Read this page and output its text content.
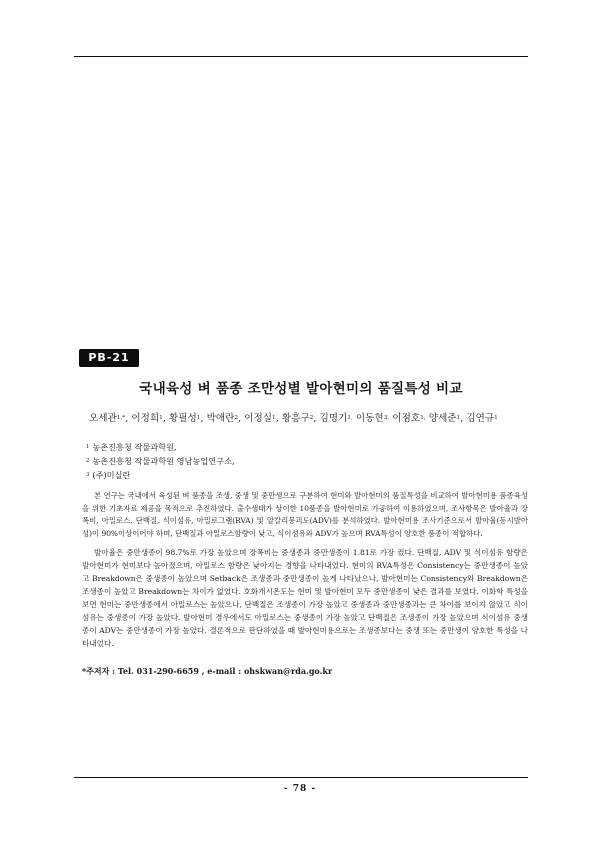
PB-21
국내육성 벼 품종 조만성별 발아현미의 품질특성 비교
오세관$^{1,*}$, 이정희$^1$, 황필성$^1$, 박애란$^2$, 이정실$^1$, 황흥구$^2$, 김명기$^{1,}$ 이동현$^{3,}$ 이점호$^{1,}$ 양세준$^1$, 김연규$^1$
$^1$ 농촌진흥청 작물과학원,
$^2$ 농촌진흥청 작물과학원 영남농업연구소,
$^3$ (주)미실란

본 연구는 국내에서 육성된 벼 품종을 조생, 중생 및 중만생으로 구분하여 현미와 발아현미의 품질특성을 비교하여 발아현미용 품종육성을 위한 기초자료 제공을 목적으로 추진하였다. 출수생태가 상이한 10품종을 발아현미로 가공하여 이용하였으며, 조사항목은 발아율과 장폭비, 아밀로스, 단백질, 식이섬유, 아밀로그램(RVA) 및 알칼리붕괴도(ADV)를 분석하였다. 발아현미용 조사기준으로서 발아율(동시발아성)이 90%이상이어야 하며, 단백질과 아밀로스함량이 낮고, 식이섬유와 ADV가 높으며 RVA특성이 양호한 품종이 적합하다.

발아율은 중만생종이 98.7%로 가장 높았으며 장폭비는 중생종과 중만생종이 1.81로 가장 컸다. 단백질, ADV 및 식이섬유 함량은 발아현미가 현미보다 높아졌으며, 아밀로스 함량은 낮아지는 경향을 나타내었다. 현미의 RVA특성은 Consistency는 중만생종이 높았고 Breakdown은 중생종이 높았으며 Setback은 조생종과 중만생종이 높게 나타났으나, 발아현미는 Consistency와 Breakdown은 조생종이 높았고 Breakdown는 차이가 없었다. 호화개시온도는 현미 및 발아현미 모두 중만생종이 낮은 결과를 보였다. 이화학 특성을 보면 현미는 중만생종에서 아밀로스는 높았으나, 단백질은 조생종이 가장 높았고 중생종과 중만생종과는 큰 차이를 보이지 않았고 식이섬유는 중생종이 가장 높았다. 발아현미 경우에서도 아밀로스는 중생종이 가장 높았고 단백질은 조생종이 가장 높았으며 식이섬유 중생종이 ADV는 중만생종이 가장 높았다. 결론적으로 판단하였을 때 발아현미용으로는 조생종보다는 중생 또는 중만생이 양호한 특성을 나타내었다.

*주저자 : Tel. 031-290-6659 , e-mail : ohskwan@rda.go.kr
- 78 -
